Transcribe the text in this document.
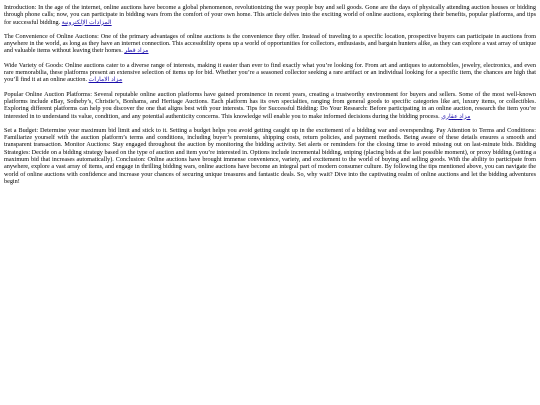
Introduction: In the age of the internet, online auctions have become a global phenomenon, revolutionizing the way people buy and sell goods. Gone are the days of physically attending auction houses or bidding through phone calls; now, you can participate in bidding wars from the comfort of your own home. This article delves into the exciting world of online auctions, exploring their benefits, popular platforms, and tips for successful bidding. المزادات الإلكترونية

The Convenience of Online Auctions: One of the primary advantages of online auctions is the convenience they offer. Instead of traveling to a specific location, prospective buyers can participate in auctions from anywhere in the world, as long as they have an internet connection. This accessibility opens up a world of opportunities for collectors, enthusiasts, and bargain hunters alike, as they can explore a vast array of unique and valuable items without leaving their homes. مزاد قطر

Wide Variety of Goods: Online auctions cater to a diverse range of interests, making it easier than ever to find exactly what you’re looking for. From art and antiques to automobiles, jewelry, electronics, and even rare memorabilia, these platforms present an extensive selection of items up for bid. Whether you’re a seasoned collector seeking a rare artifact or an individual looking for a specific item, the chances are high that you’ll find it at an online auction. مزاد الامارات

Popular Online Auction Platforms: Several reputable online auction platforms have gained prominence in recent years, creating a trustworthy environment for buyers and sellers. Some of the most well-known platforms include eBay, Sotheby’s, Christie’s, Bonhams, and Heritage Auctions. Each platform has its own specialties, ranging from general goods to specific categories like art, luxury items, or collectibles. Exploring different platforms can help you discover the one that aligns best with your interests. Tips for Successful Bidding: Do Your Research: Before participating in an online auction, research the item you’re interested in to understand its value, condition, and any potential authenticity concerns. This knowledge will enable you to make informed decisions during the bidding process. مزاد عقاري

Set a Budget: Determine your maximum bid limit and stick to it. Setting a budget helps you avoid getting caught up in the excitement of a bidding war and overspending. Pay Attention to Terms and Conditions: Familiarize yourself with the auction platform’s terms and conditions, including buyer’s premiums, shipping costs, return policies, and payment methods. Being aware of these details ensures a smooth and transparent transaction. Monitor Auctions: Stay engaged throughout the auction by monitoring the bidding activity. Set alerts or reminders for the closing time to avoid missing out on last-minute bids. Bidding Strategies: Decide on a bidding strategy based on the type of auction and item you’re interested in. Options include incremental bidding, sniping (placing bids at the last possible moment), or proxy bidding (setting a maximum bid that increases automatically). Conclusion: Online auctions have brought immense convenience, variety, and excitement to the world of buying and selling goods. With the ability to participate from anywhere, explore a vast array of items, and engage in thrilling bidding wars, online auctions have become an integral part of modern consumer culture. By following the tips mentioned above, you can navigate the world of online auctions with confidence and increase your chances of securing unique treasures and fantastic deals. So, why wait? Dive into the captivating realm of online auctions and let the bidding adventures begin!
